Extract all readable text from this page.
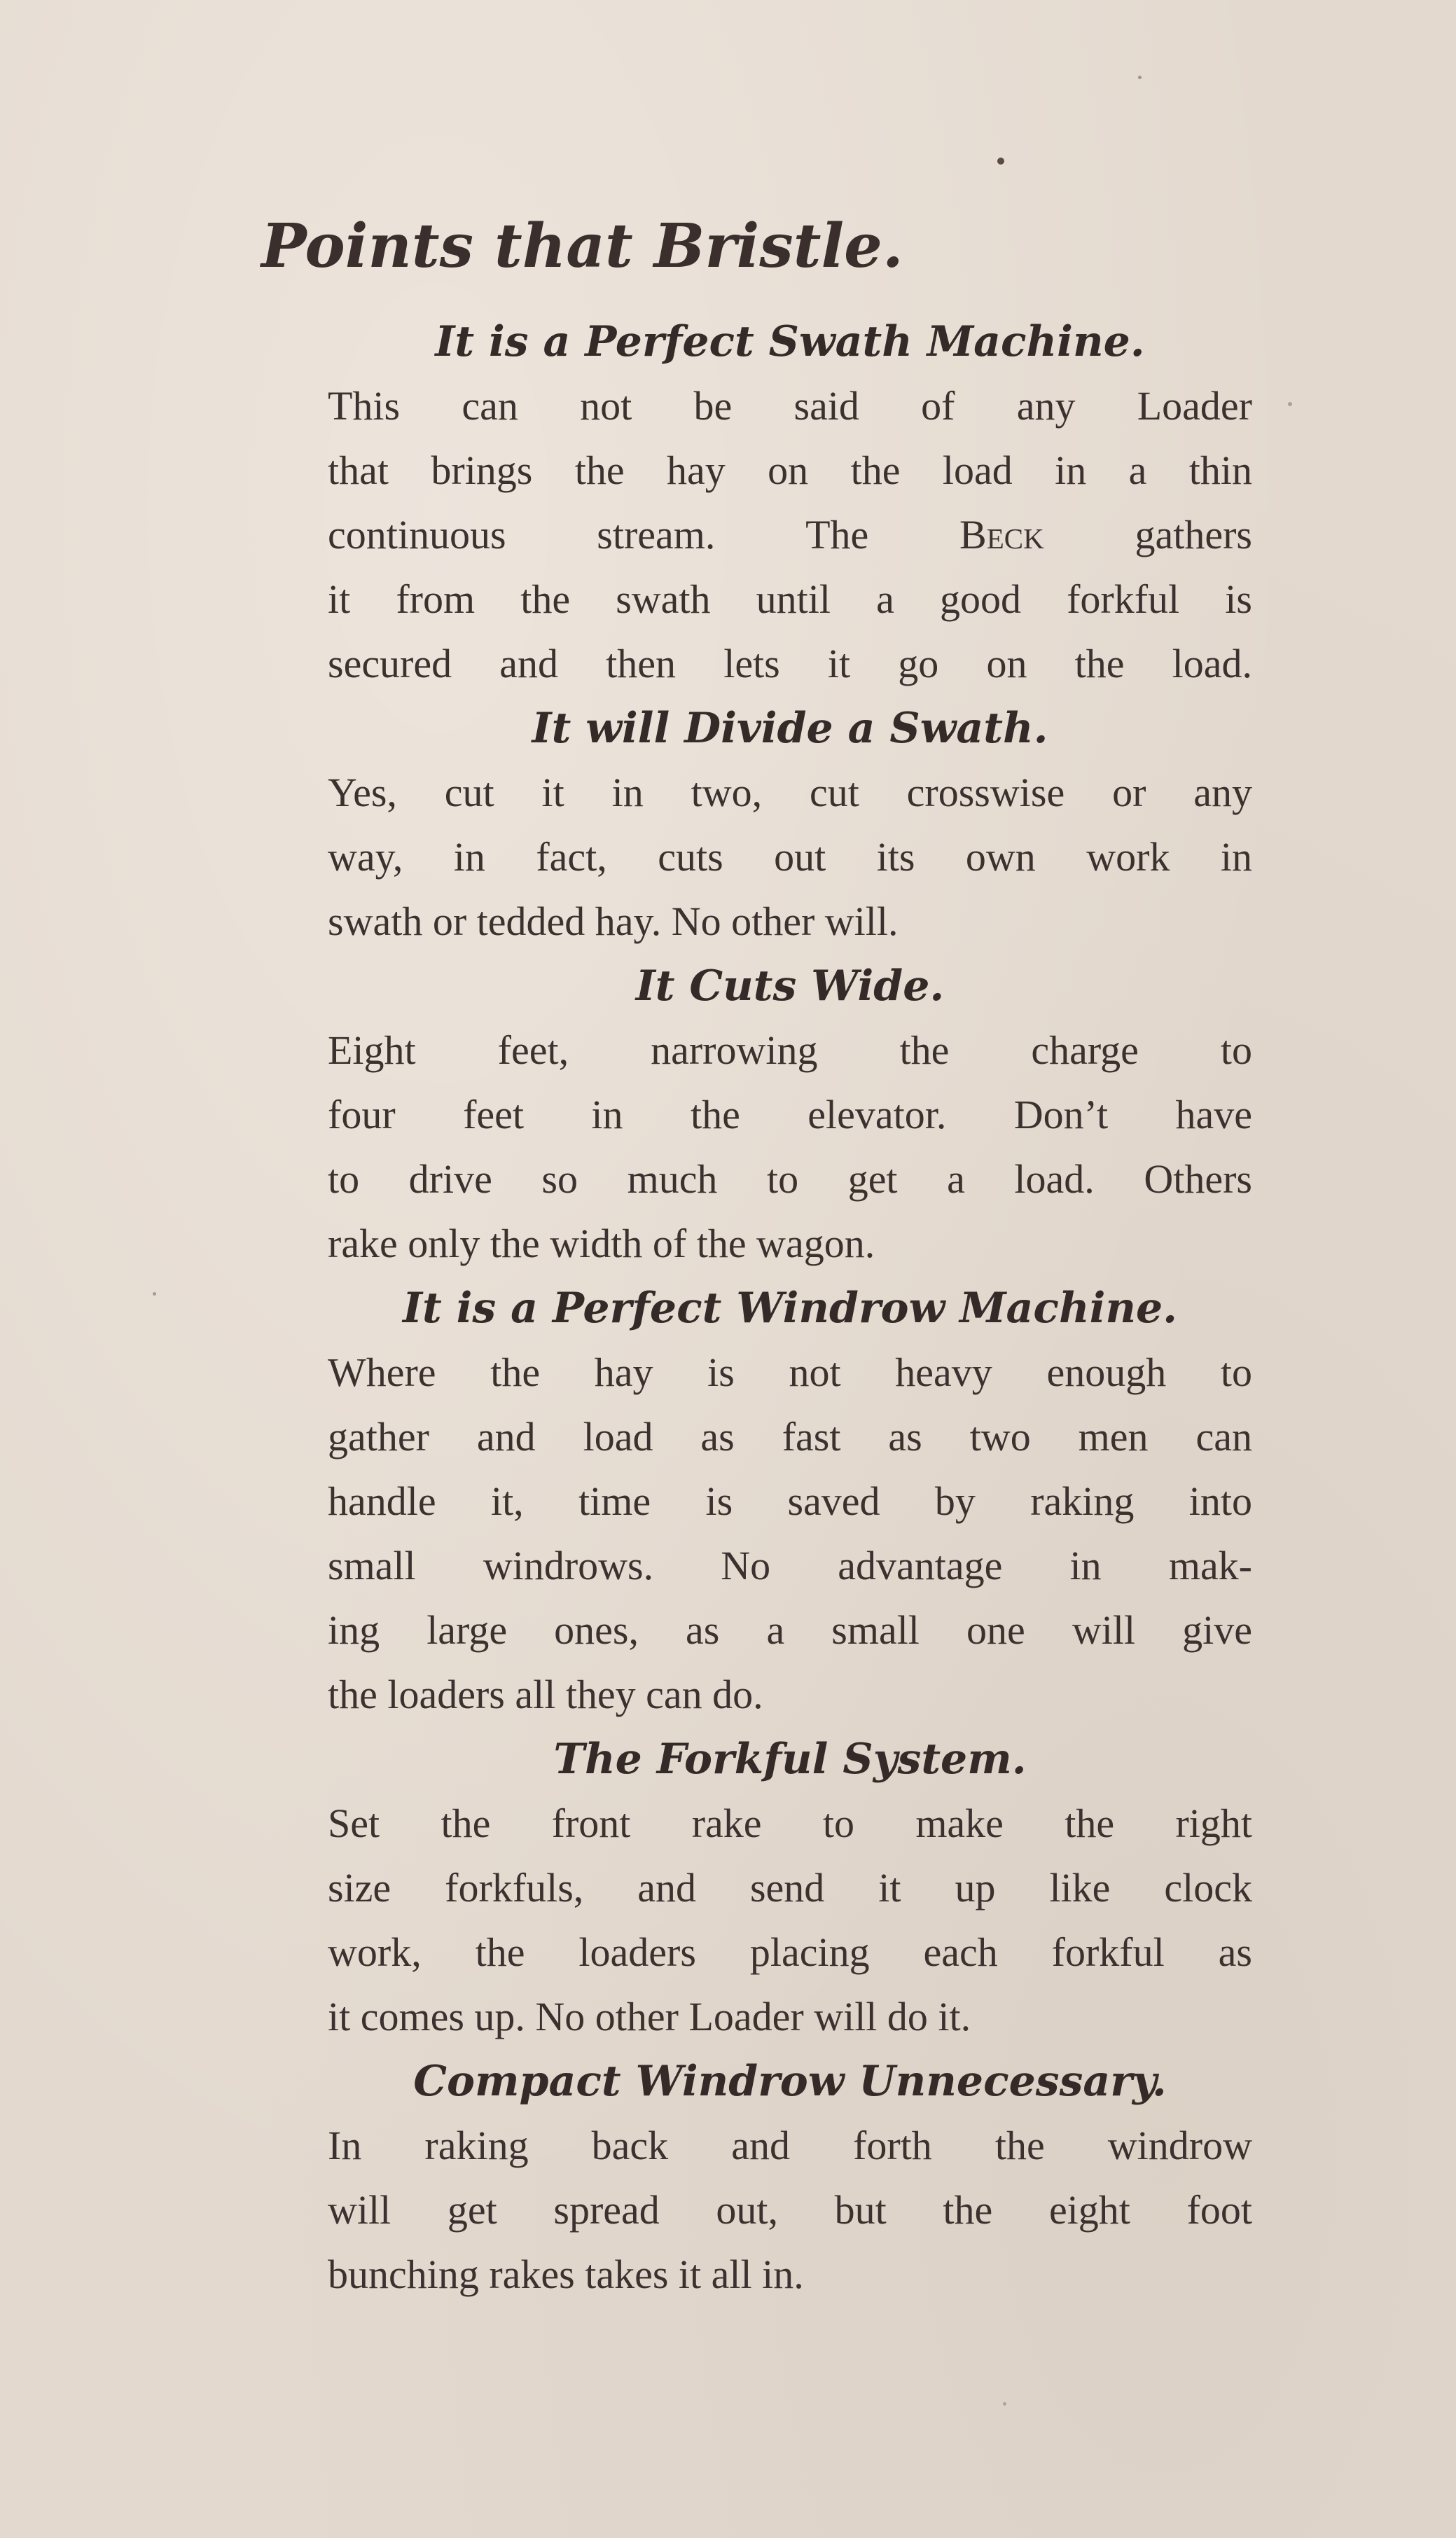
Points that Bristle.
It is a Perfect Swath Machine.

This can not be said of any Loader
that brings the hay on the load in a thin
continuous stream. The Beck gathers
it from the swath until a good forkful is
secured and then lets it go on the load.

It will Divide a Swath.

Yes, cut it in two, cut crosswise or any
way, in fact, cuts out its own work in
swath or tedded hay. No other will.

It Cuts Wide.

Eight feet, narrowing the charge to
four feet in the elevator. Don’t have
to drive so much to get a load. Others
rake only the width of the wagon.

It is a Perfect Windrow Machine.

Where the hay is not heavy enough to
gather and load as fast as two men can
handle it, time is saved by raking into
small windrows. No advantage in mak-
ing large ones, as a small one will give
the loaders all they can do.

The Forkful System.

Set the front rake to make the right
size forkfuls, and send it up like clock
work, the loaders placing each forkful as
it comes up. No other Loader will do it.

Compact Windrow Unnecessary.

In raking back and forth the windrow
will get spread out, but the eight foot
bunching rakes takes it all in.
